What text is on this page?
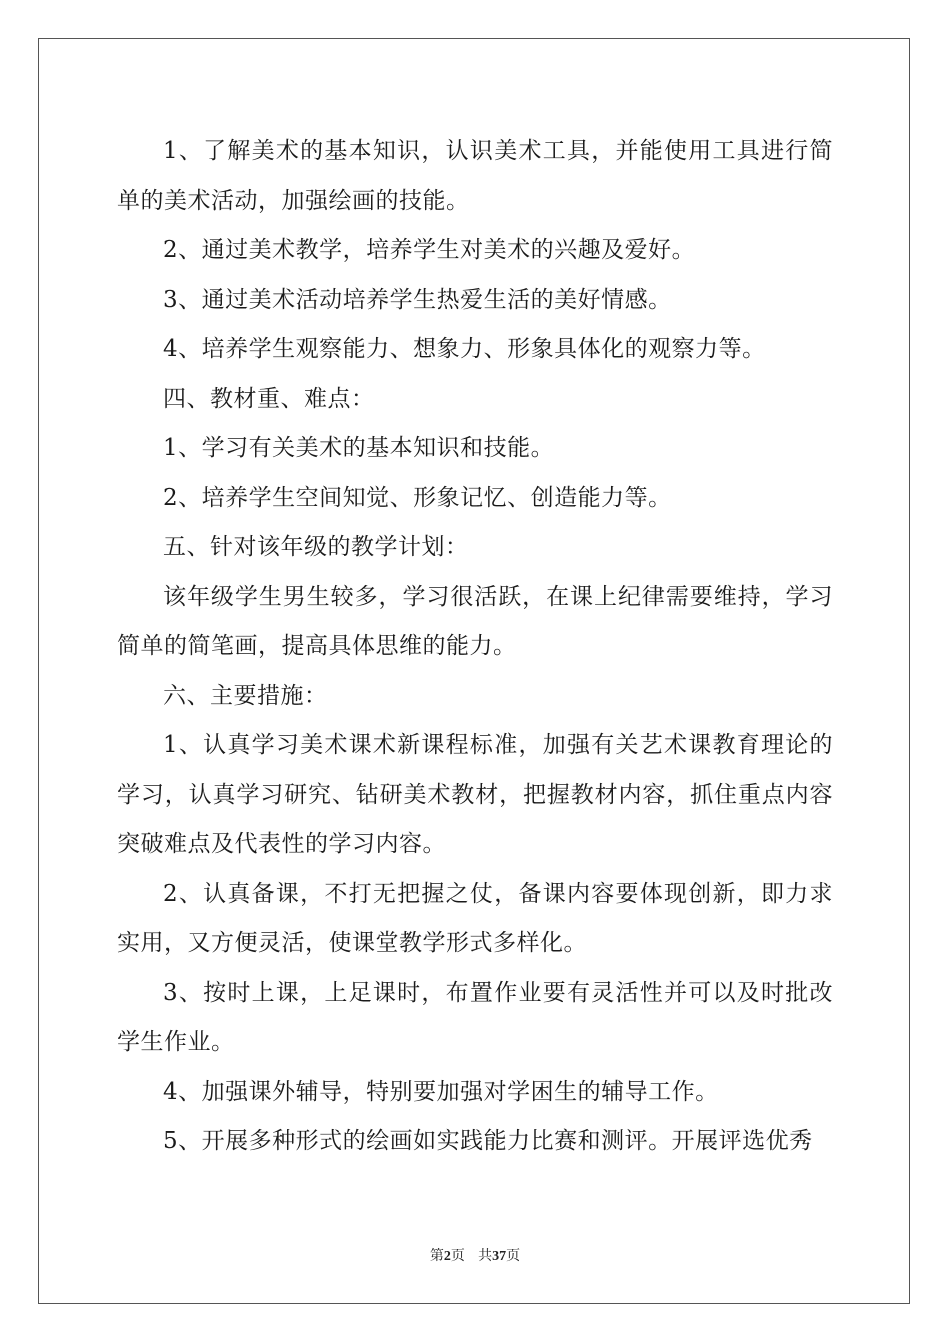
1、了解美术的基本知识，认识美术工具，并能使用工具进行简单的美术活动，加强绘画的技能。

2、通过美术教学，培养学生对美术的兴趣及爱好。

3、通过美术活动培养学生热爱生活的美好情感。

4、培养学生观察能力、想象力、形象具体化的观察力等。

四、教材重、难点：

1、学习有关美术的基本知识和技能。

2、培养学生空间知觉、形象记忆、创造能力等。

五、针对该年级的教学计划：

该年级学生男生较多，学习很活跃，在课上纪律需要维持，学习简单的简笔画，提高具体思维的能力。

六、主要措施：

1、认真学习美术课术新课程标准，加强有关艺术课教育理论的学习，认真学习研究、钻研美术教材，把握教材内容，抓住重点内容突破难点及代表性的学习内容。

2、认真备课，不打无把握之仗，备课内容要体现创新，即力求实用，又方便灵活，使课堂教学形式多样化。

3、按时上课，上足课时，布置作业要有灵活性并可以及时批改学生作业。

4、加强课外辅导，特别要加强对学困生的辅导工作。

5、开展多种形式的绘画如实践能力比赛和测评。开展评选优秀

第2页 共37页
